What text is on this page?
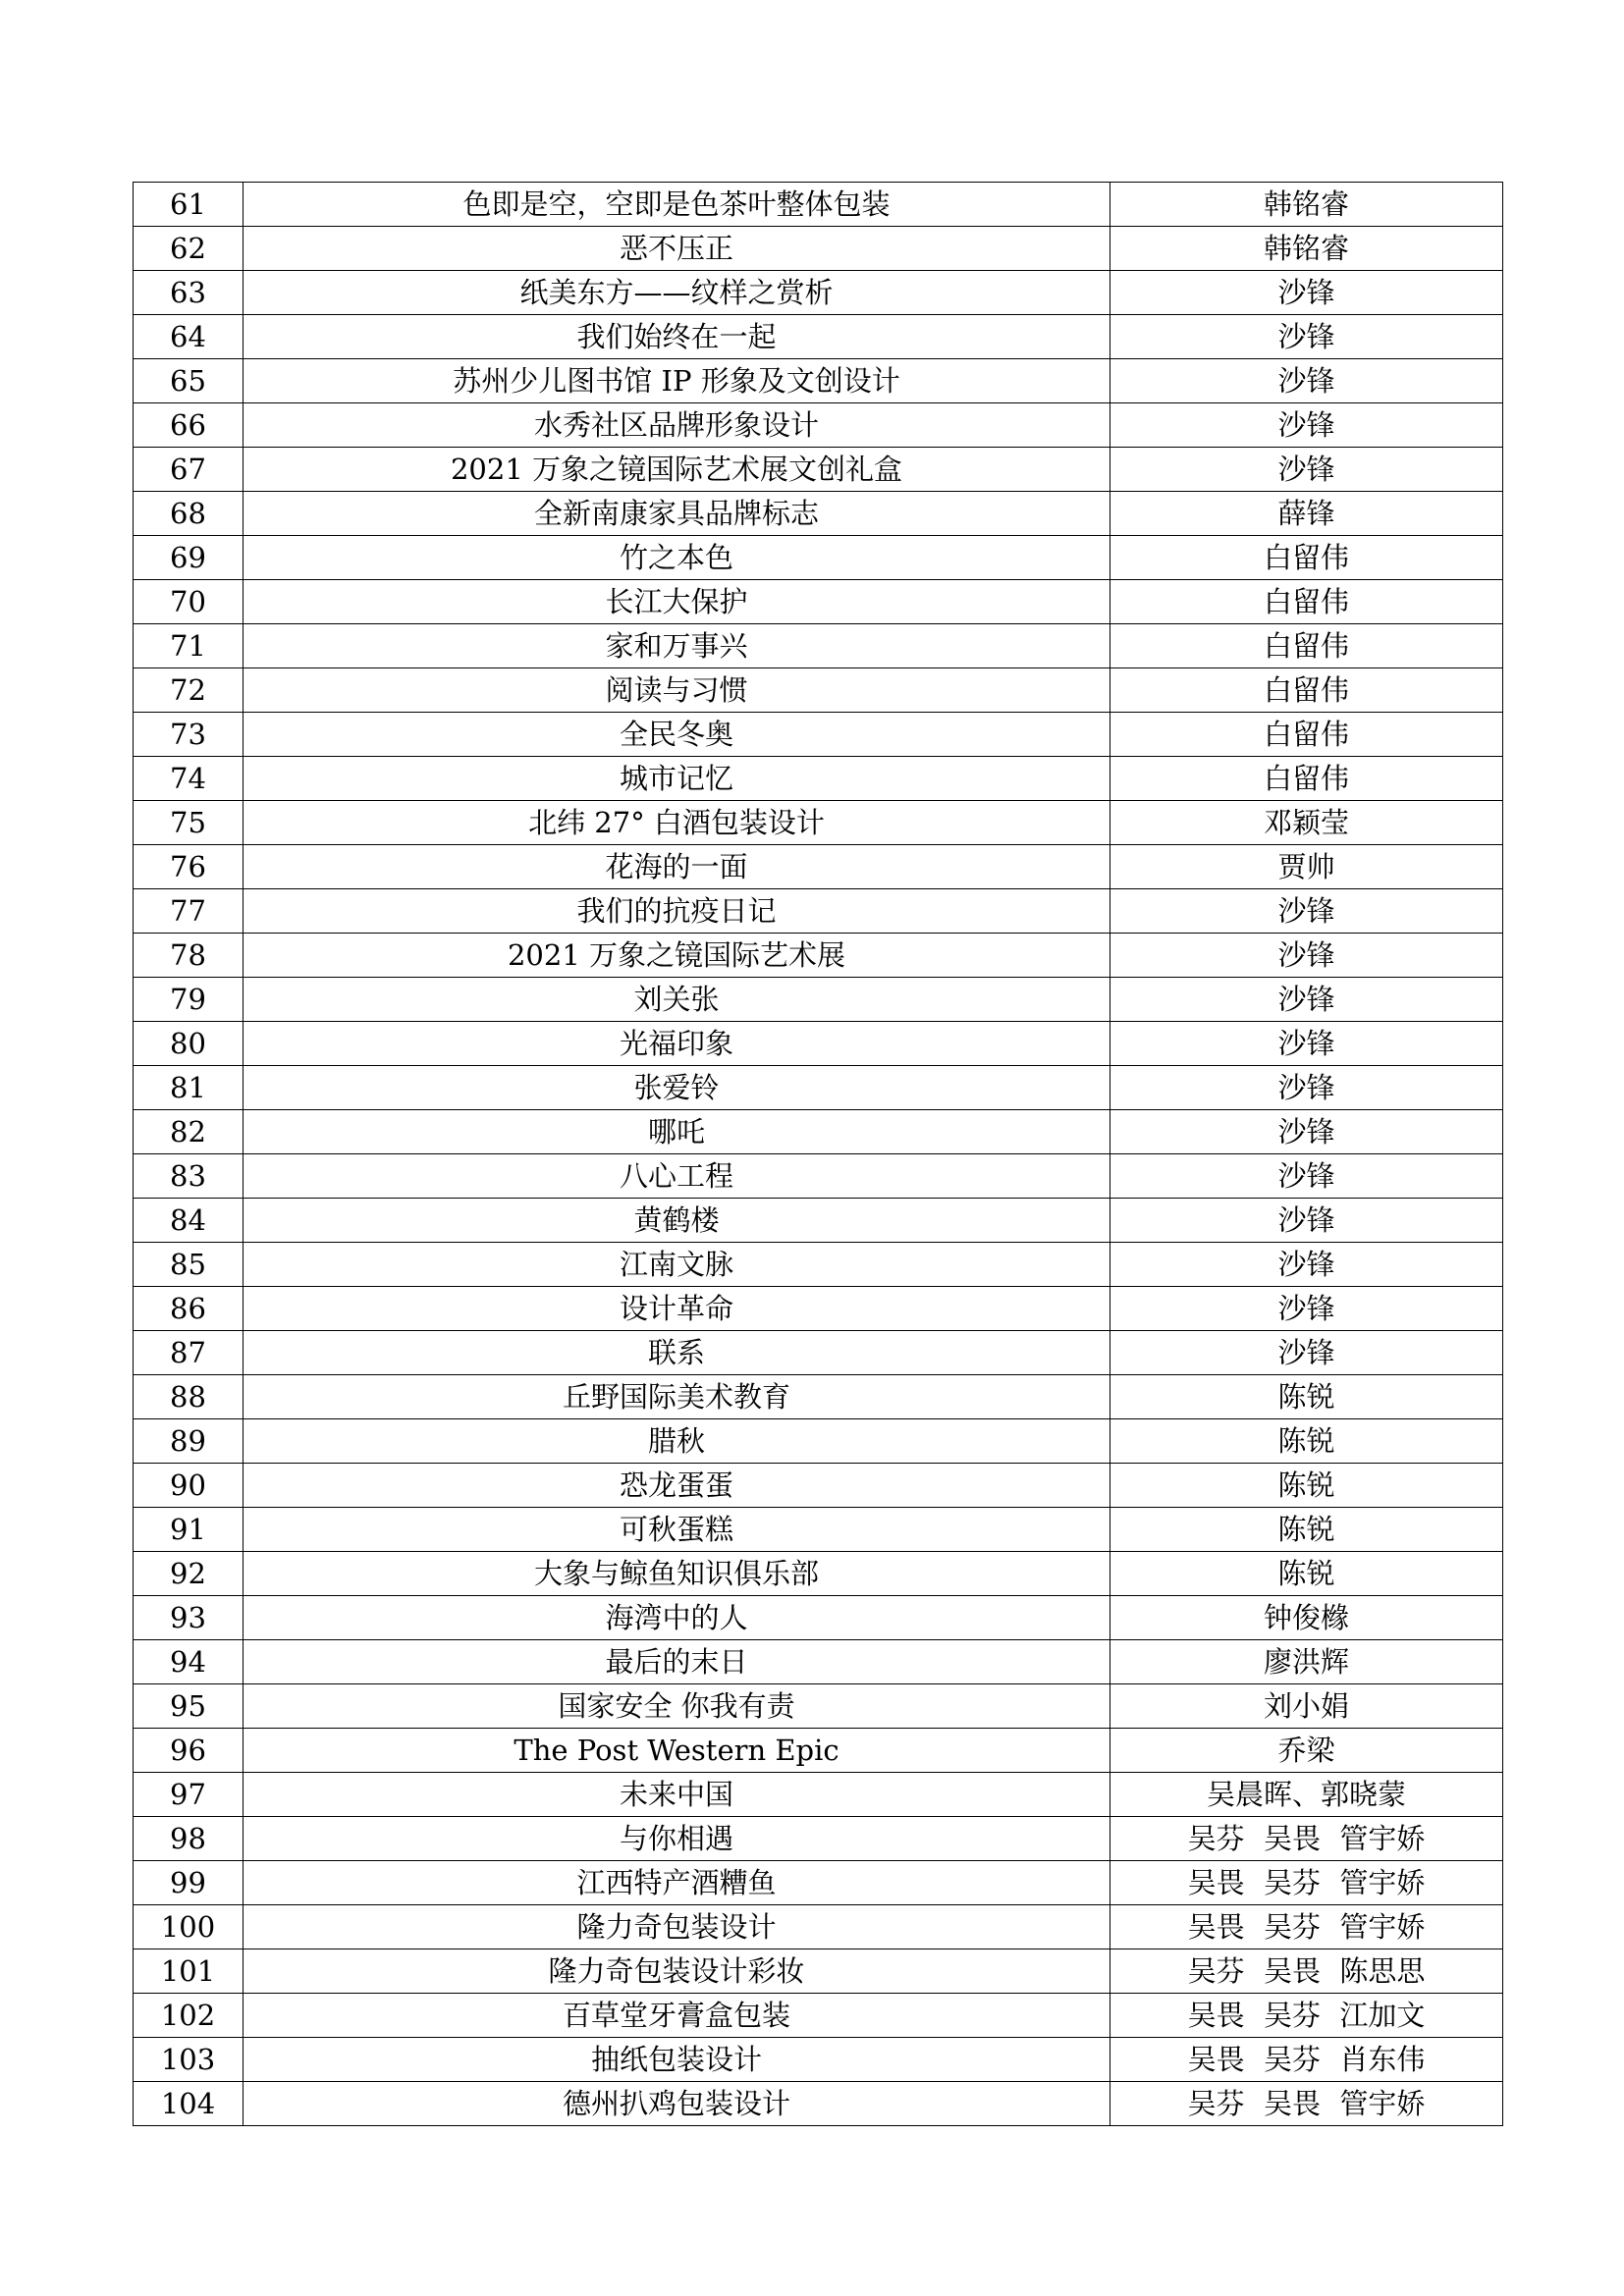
61	色即是空，空即是色茶叶整体包装	韩铭睿
62	恶不压正	韩铭睿
63	纸美东方——纹样之赏析	沙锋
64	我们始终在一起	沙锋
65	苏州少儿图书馆 IP 形象及文创设计	沙锋
66	水秀社区品牌形象设计	沙锋
67	2021 万象之镜国际艺术展文创礼盒	沙锋
68	全新南康家具品牌标志	薛锋
69	竹之本色	白留伟
70	长江大保护	白留伟
71	家和万事兴	白留伟
72	阅读与习惯	白留伟
73	全民冬奥	白留伟
74	城市记忆	白留伟
75	北纬 27° 白酒包装设计	邓颖莹
76	花海的一面	贾帅
77	我们的抗疫日记	沙锋
78	2021 万象之镜国际艺术展	沙锋
79	刘关张	沙锋
80	光福印象	沙锋
81	张爱铃	沙锋
82	哪吒	沙锋
83	八心工程	沙锋
84	黄鹤楼	沙锋
85	江南文脉	沙锋
86	设计革命	沙锋
87	联系	沙锋
88	丘野国际美术教育	陈锐
89	腊秋	陈锐
90	恐龙蛋蛋	陈锐
91	可秋蛋糕	陈锐
92	大象与鲸鱼知识俱乐部	陈锐
93	海湾中的人	钟俊橼
94	最后的末日	廖洪辉
95	国家安全 你我有责	刘小娟
96	The Post Western Epic	乔梁
97	未来中国	吴晨晖、郭晓蒙
98	与你相遇	吴芬 吴畏 管宇娇
99	江西特产酒糟鱼	吴畏 吴芬 管宇娇
100	隆力奇包装设计	吴畏 吴芬 管宇娇
101	隆力奇包装设计彩妆	吴芬 吴畏 陈思思
102	百草堂牙膏盒包装	吴畏 吴芬 江加文
103	抽纸包装设计	吴畏 吴芬 肖东伟
104	德州扒鸡包装设计	吴芬 吴畏 管宇娇
